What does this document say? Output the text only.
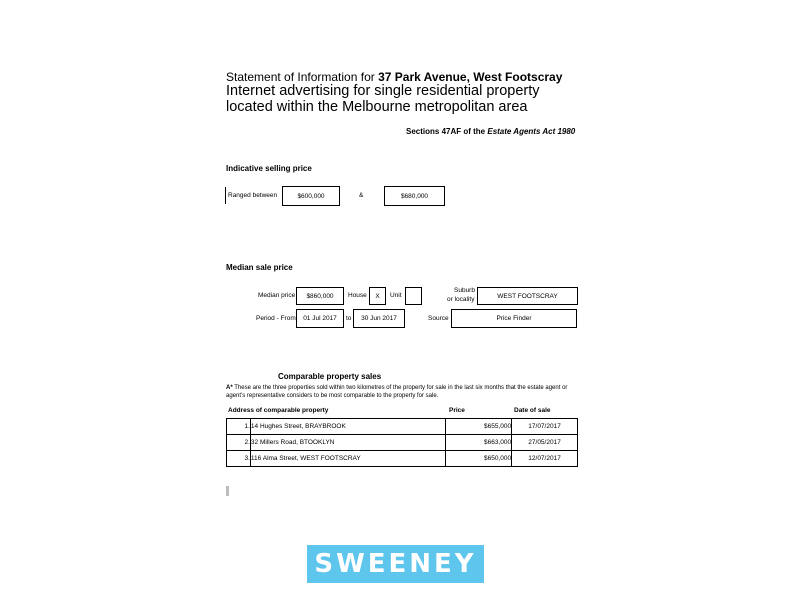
Statement of Information for 37 Park Avenue, West Footscray
Internet advertising for single residential property located within the Melbourne metropolitan area
Sections 47AF of the Estate Agents Act 1980
Indicative selling price
Ranged between	$600,000	&	$680,000
Median sale price
Median price	$860,000	House	X	Unit
Suburb
or locality	WEST FOOTSCRAY
Period - From	01 Jul 2017	to	30 Jun 2017	Source	Price Finder
Comparable property sales
A* These are the three properties sold within two kilometres of the property for sale in the last six months that the estate agent or agent’s representative considers to be most comparable to the property for sale.
Address of comparable property	Price	Date of sale
1.	14 Hughes Street, BRAYBROOK	$655,000	17/07/2017
2.	32 Millers Road, BTOOKLYN	$663,000	27/05/2017
3.	116 Alma Street, WEST FOOTSCRAY	$650,000	12/07/2017
SWEENEY
